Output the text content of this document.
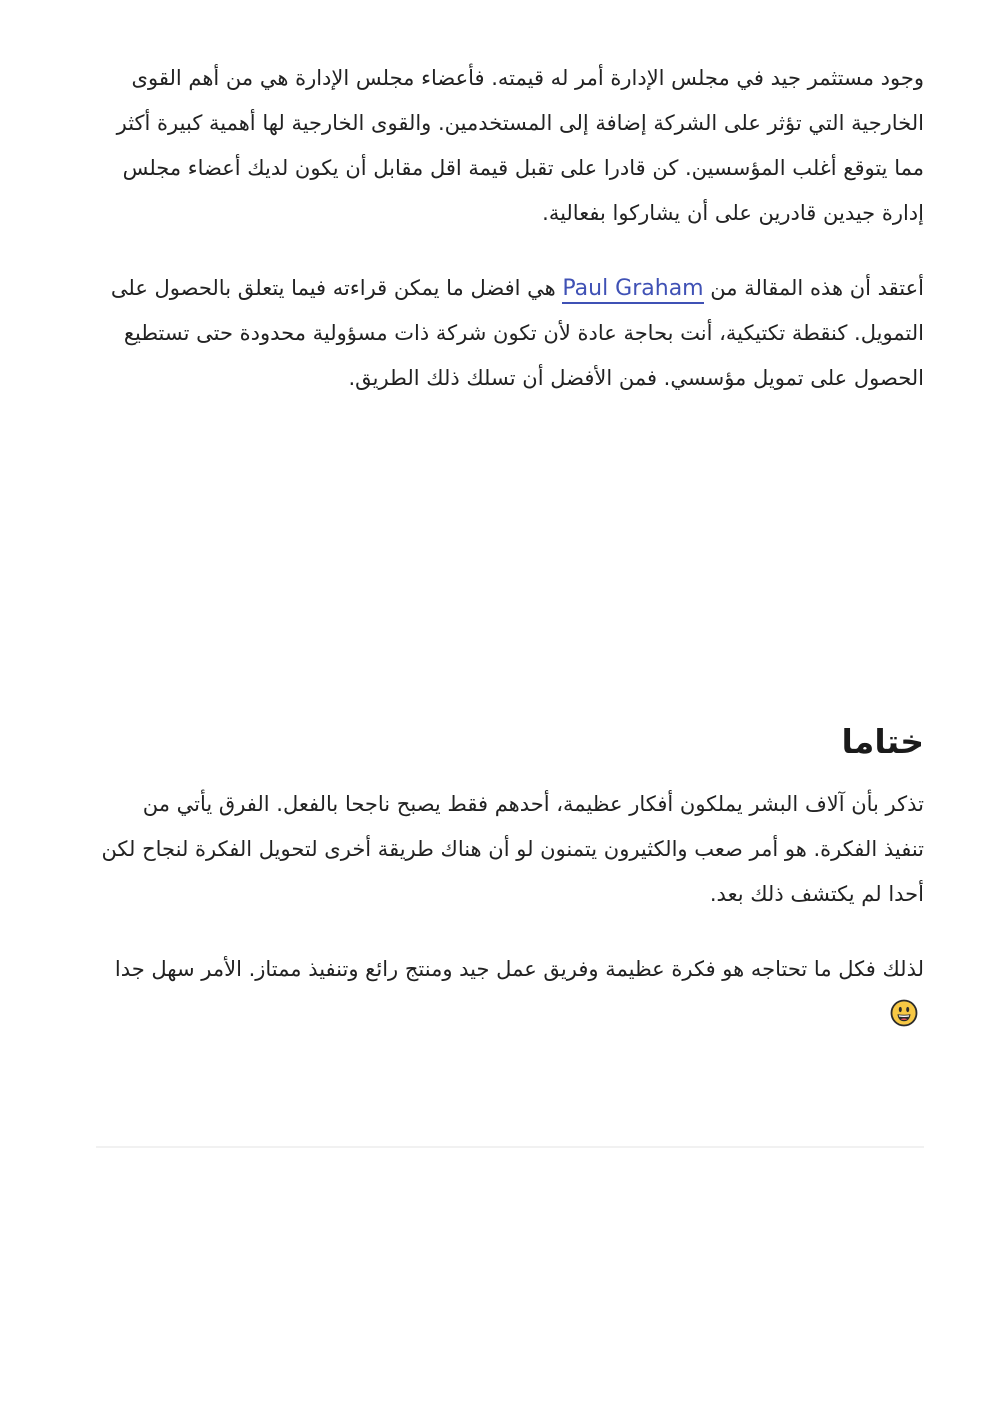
وجود مستثمر جيد في مجلس الإدارة أمر له قيمته. فأعضاء مجلس الإدارة هي من أهم القوى الخارجية التي تؤثر على الشركة إضافة إلى المستخدمين. والقوى الخارجية لها أهمية كبيرة أكثر مما يتوقع أغلب المؤسسين. كن قادرا على تقبل قيمة اقل مقابل أن يكون لديك أعضاء مجلس إدارة جيدين قادرين على أن يشاركوا بفعالية.

أعتقد أن هذه المقالة من Paul Graham هي افضل ما يمكن قراءته فيما يتعلق بالحصول على التمويل. كنقطة تكتيكية، أنت بحاجة عادة لأن تكون شركة ذات مسؤولية محدودة حتى تستطيع الحصول على تمويل مؤسسي. فمن الأفضل أن تسلك ذلك الطريق.

ختاما

تذكر بأن آلاف البشر يملكون أفكار عظيمة، أحدهم فقط يصبح ناجحا بالفعل. الفرق يأتي من تنفيذ الفكرة. هو أمر صعب والكثيرون يتمنون لو أن هناك طريقة أخرى لتحويل الفكرة لنجاح لكن أحدا لم يكتشف ذلك بعد.

لذلك فكل ما تحتاجه هو فكرة عظيمة وفريق عمل جيد ومنتج رائع وتنفيذ ممتاز. الأمر سهل جدا
